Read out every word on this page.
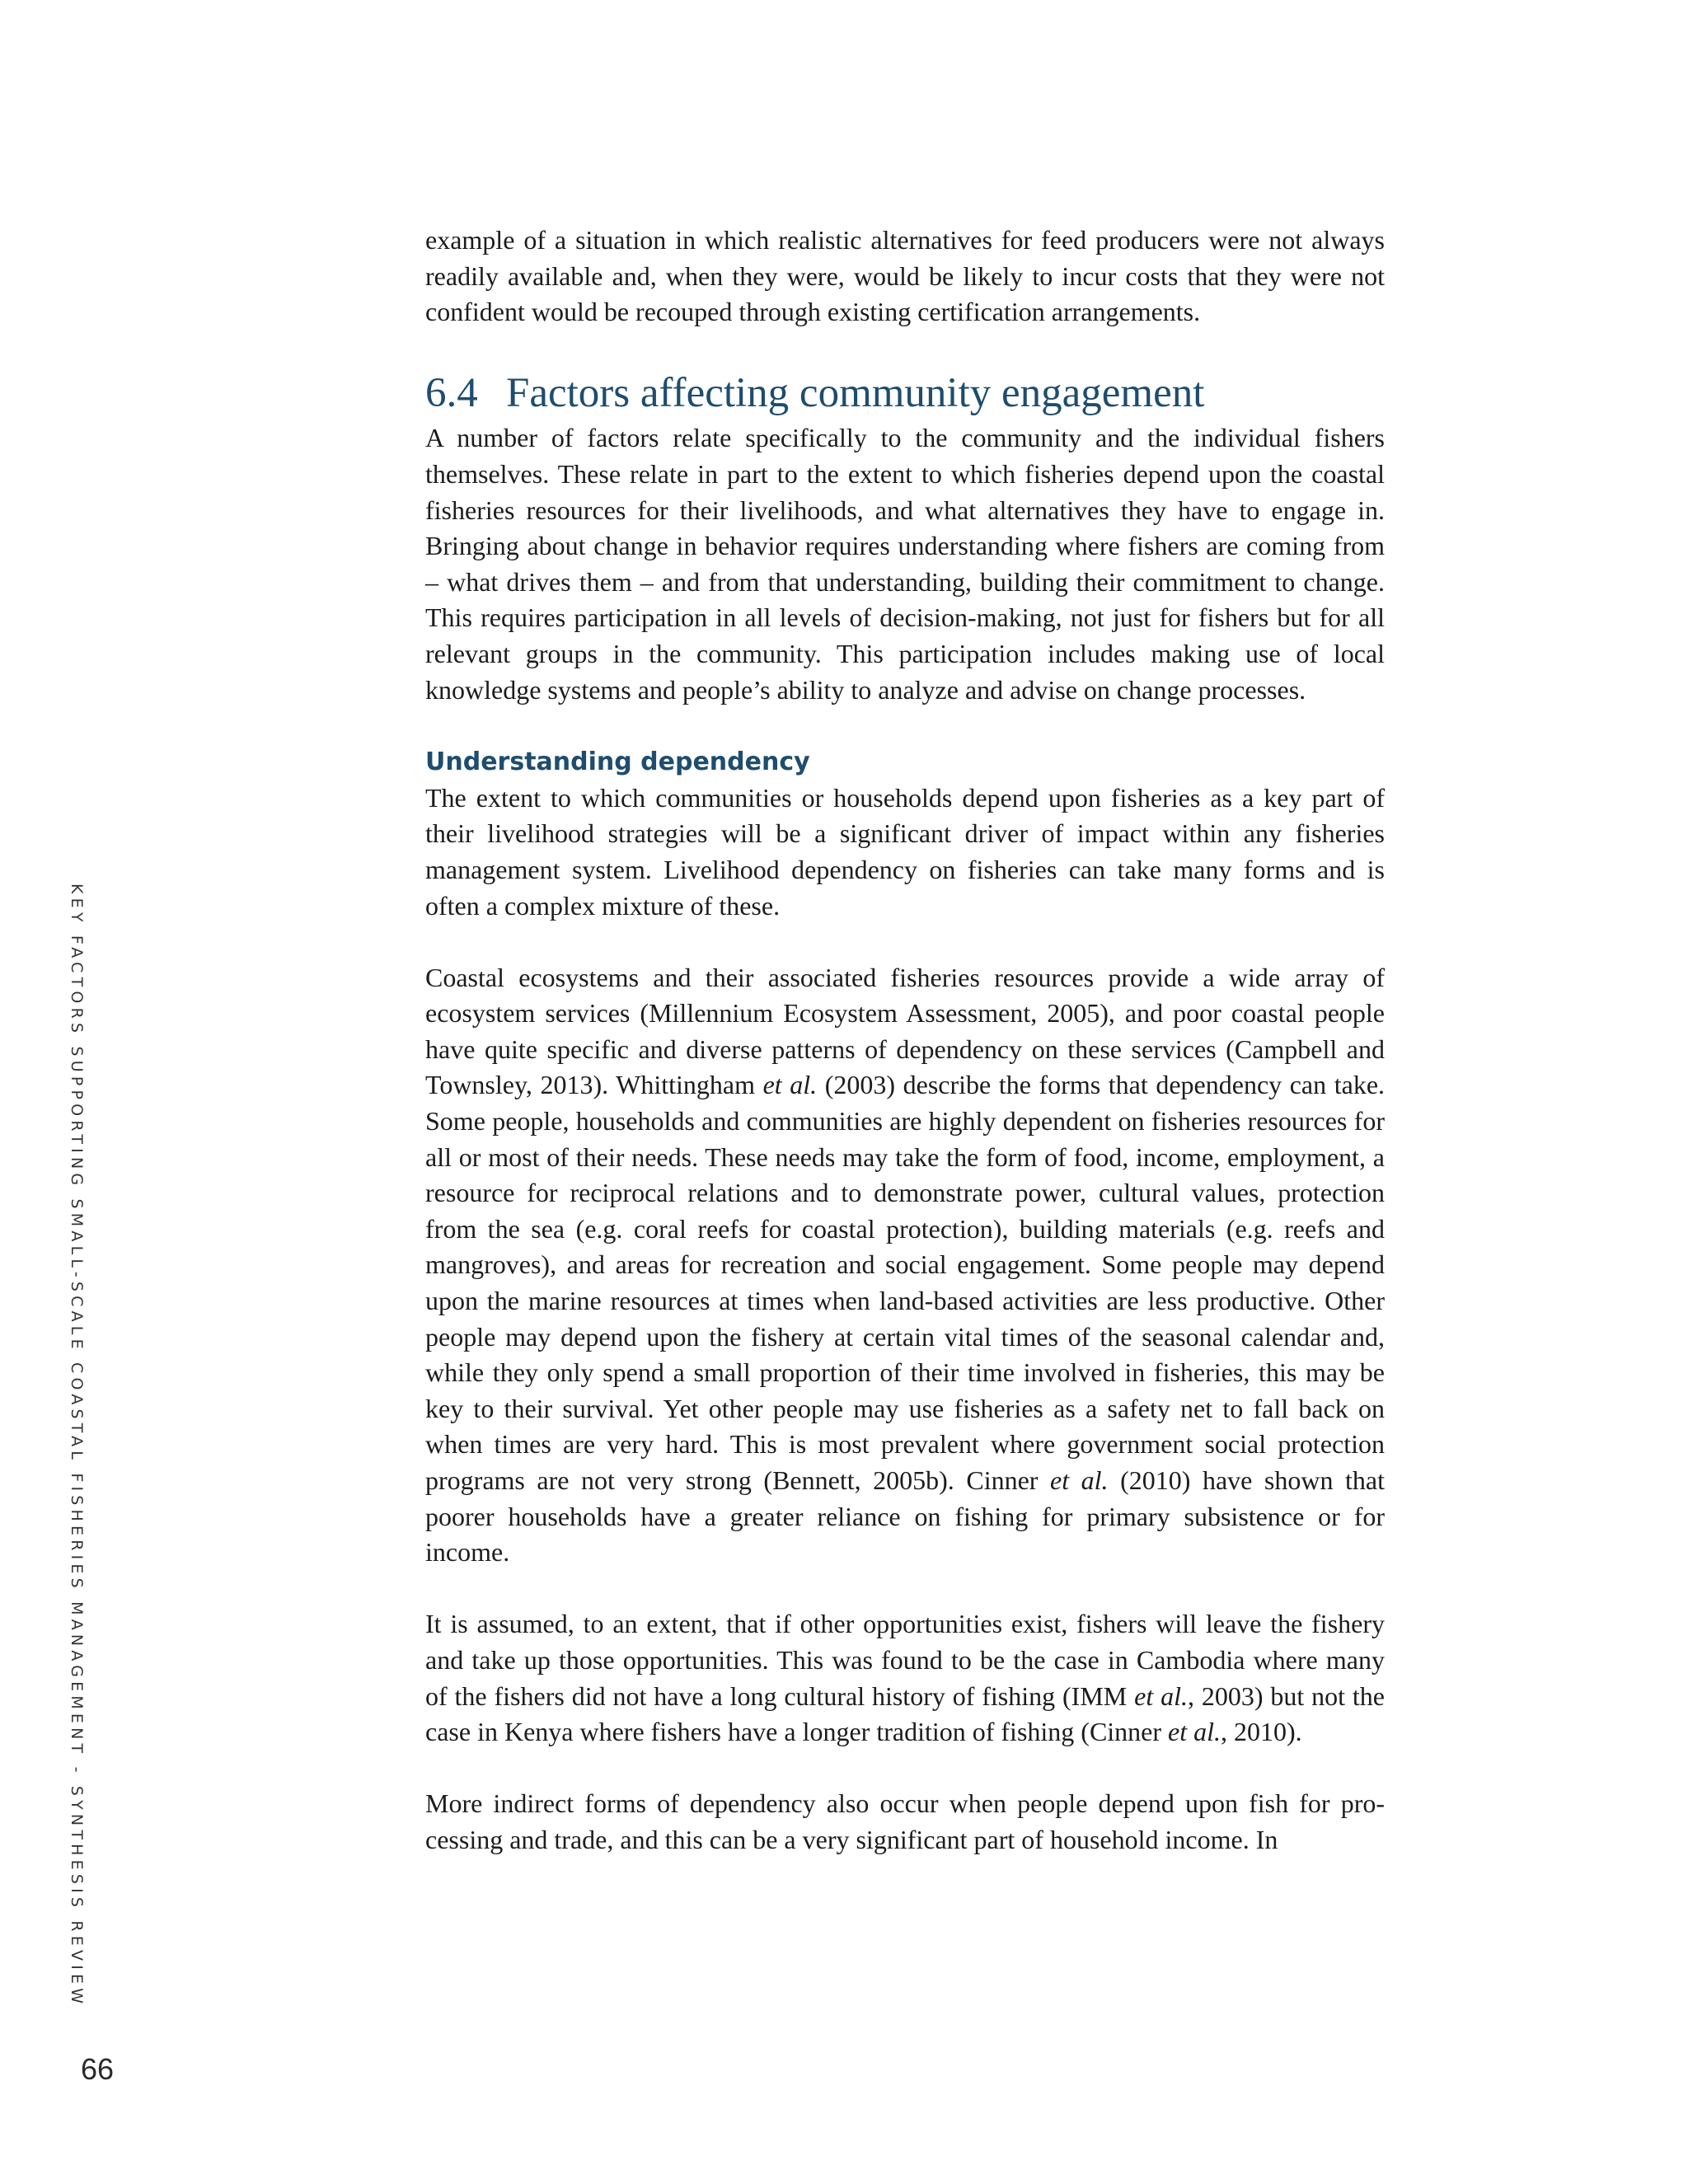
KEY FACTORS SUPPORTING SMALL-SCALE COASTAL FISHERIES MANAGEMENT - SYNTHESIS REVIEW

example of a situation in which realistic alternatives for feed producers were not always readily available and, when they were, would be likely to incur costs that they were not confident would be recouped through existing certification arrangements.

6.4 Factors affecting community engagement

A number of factors relate specifically to the community and the individual fishers themselves. These relate in part to the extent to which fisheries depend upon the coastal fisheries resources for their livelihoods, and what alternatives they have to engage in. Bringing about change in behavior requires understanding where fishers are coming from – what drives them – and from that understanding, building their commitment to change. This requires participation in all levels of decision-making, not just for fishers but for all relevant groups in the community. This participation includes making use of local knowledge systems and people’s ability to analyze and advise on change processes.

Understanding dependency

The extent to which communities or households depend upon fisheries as a key part of their livelihood strategies will be a significant driver of impact within any fisheries management system. Livelihood dependency on fisheries can take many forms and is often a complex mixture of these.

Coastal ecosystems and their associated fisheries resources provide a wide array of ecosystem services (Millennium Ecosystem Assessment, 2005), and poor coastal people have quite specific and diverse patterns of dependency on these services (Campbell and Townsley, 2013). Whittingham et al. (2003) describe the forms that dependency can take. Some people, households and communities are highly dependent on fisheries resources for all or most of their needs. These needs may take the form of food, income, employment, a resource for reciprocal relations and to demonstrate power, cultural values, protection from the sea (e.g. coral reefs for coastal protection), building materials (e.g. reefs and mangroves), and areas for recreation and social engagement. Some people may depend upon the marine resources at times when land-based activities are less productive. Other people may depend upon the fishery at certain vital times of the seasonal calendar and, while they only spend a small proportion of their time involved in fisheries, this may be key to their survival. Yet other people may use fisheries as a safety net to fall back on when times are very hard. This is most prevalent where government social protection programs are not very strong (Bennett, 2005b). Cinner et al. (2010) have shown that poorer households have a greater reliance on fishing for primary subsistence or for income.

It is assumed, to an extent, that if other opportunities exist, fishers will leave the fishery and take up those opportunities. This was found to be the case in Cambodia where many of the fishers did not have a long cultural history of fishing (IMM et al., 2003) but not the case in Kenya where fishers have a longer tradition of fishing (Cinner et al., 2010).

More indirect forms of dependency also occur when people depend upon fish for processing and trade, and this can be a very significant part of household income. In

66
